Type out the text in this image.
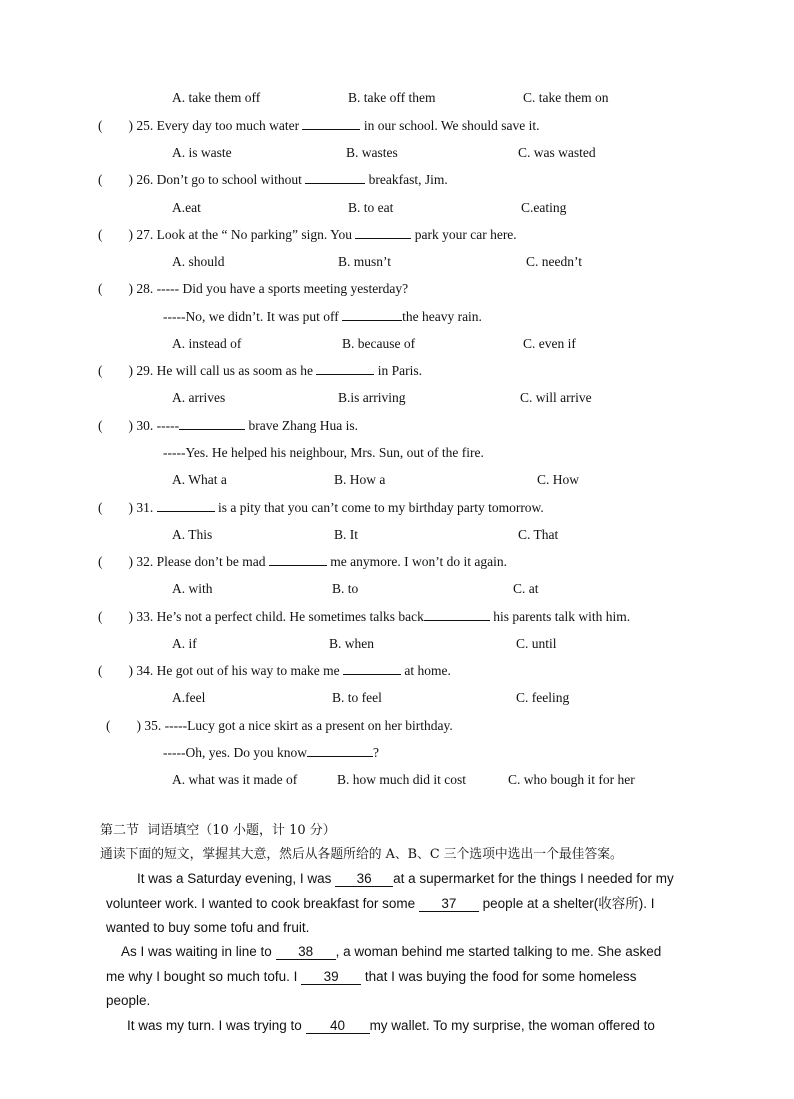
A. take them off	B. take off them	C. take them on
( ) 25. Every day too much water	in our school. We should save it.
A. is waste	B. wastes	C. was wasted
( ) 26. Don’t go to school without	breakfast, Jim.
A.eat	B. to eat	C.eating
( ) 27. Look at the “ No parking” sign. You	park your car here.
A. should	B. musn’t	C. needn’t
( ) 28. ----- Did you have a sports meeting yesterday?
-----No, we didn’t. It was put off	the heavy rain.
A. instead of	B. because of	C. even if
( ) 29. He will call us as soom as he	in Paris.
A. arrives	B.is arriving	C. will arrive
( ) 30. -----	brave Zhang Hua is.
-----Yes. He helped his neighbour, Mrs. Sun, out of the fire.
A. What a	B. How a	C. How
( ) 31.	is a pity that you can’t come to my birthday party tomorrow.
A. This	B. It	C. That
( ) 32. Please don’t be mad	me anymore. I won’t do it again.
A. with	B. to	C. at
( ) 33. He’s not a perfect child. He sometimes talks back	his parents talk with him.
A. if	B. when	C. until
( ) 34. He got out of his way to make me	at home.
A.feel	B. to feel	C. feeling
( ) 35. -----Lucy got a nice skirt as a present on her birthday.
-----Oh, yes. Do you know	?
A. what was it made of	B. how much did it cost	C. who bough it for her
第二节  词语填空（10 小题，计 10 分）
通读下面的短文，掌握其大意，然后从各题所给的 A、B、C 三个选项中选出一个最佳答案。
It was a Saturday evening, I was 36 at a supermarket for the things I needed for my
volunteer work. I wanted to cook breakfast for some 37 people at a shelter(收容所). I
wanted to buy some tofu and fruit.
As I was waiting in line to 38 , a woman behind me started talking to me. She asked
me why I bought so much tofu. I 39 that I was buying the food for some homeless
people.
It was my turn. I was trying to 40 my wallet. To my surprise, the woman offered to
